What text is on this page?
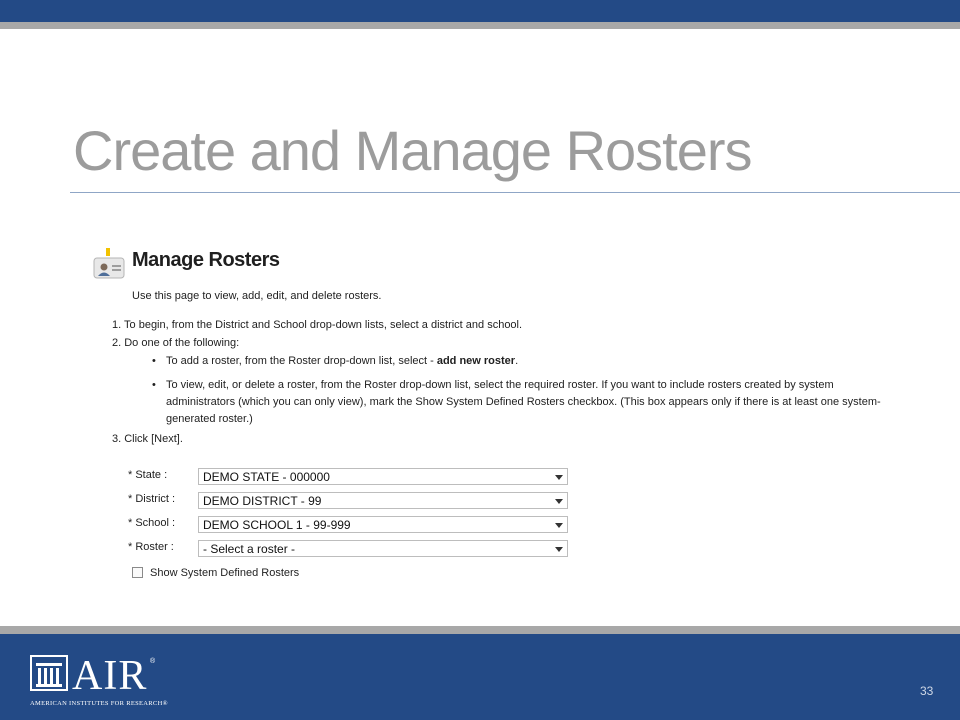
Create and Manage Rosters
Manage Rosters
Use this page to view, add, edit, and delete rosters.
1. To begin, from the District and School drop-down lists, select a district and school.
2. Do one of the following:
• To add a roster, from the Roster drop-down list, select - add new roster.
• To view, edit, or delete a roster, from the Roster drop-down list, select the required roster. If you want to include rosters created by system
administrators (which you can only view), mark the Show System Defined Rosters checkbox. (This box appears only if there is at least one system-
generated roster.)
3. Click [Next].
* State :	DEMO STATE - 000000
* District : DEMO DISTRICT - 99
* School : DEMO SCHOOL 1 - 99-999
* Roster : - Select a roster -
Show System Defined Rosters
AIR ®
AMERICAN INSTITUTES FOR RESEARCH®
33
